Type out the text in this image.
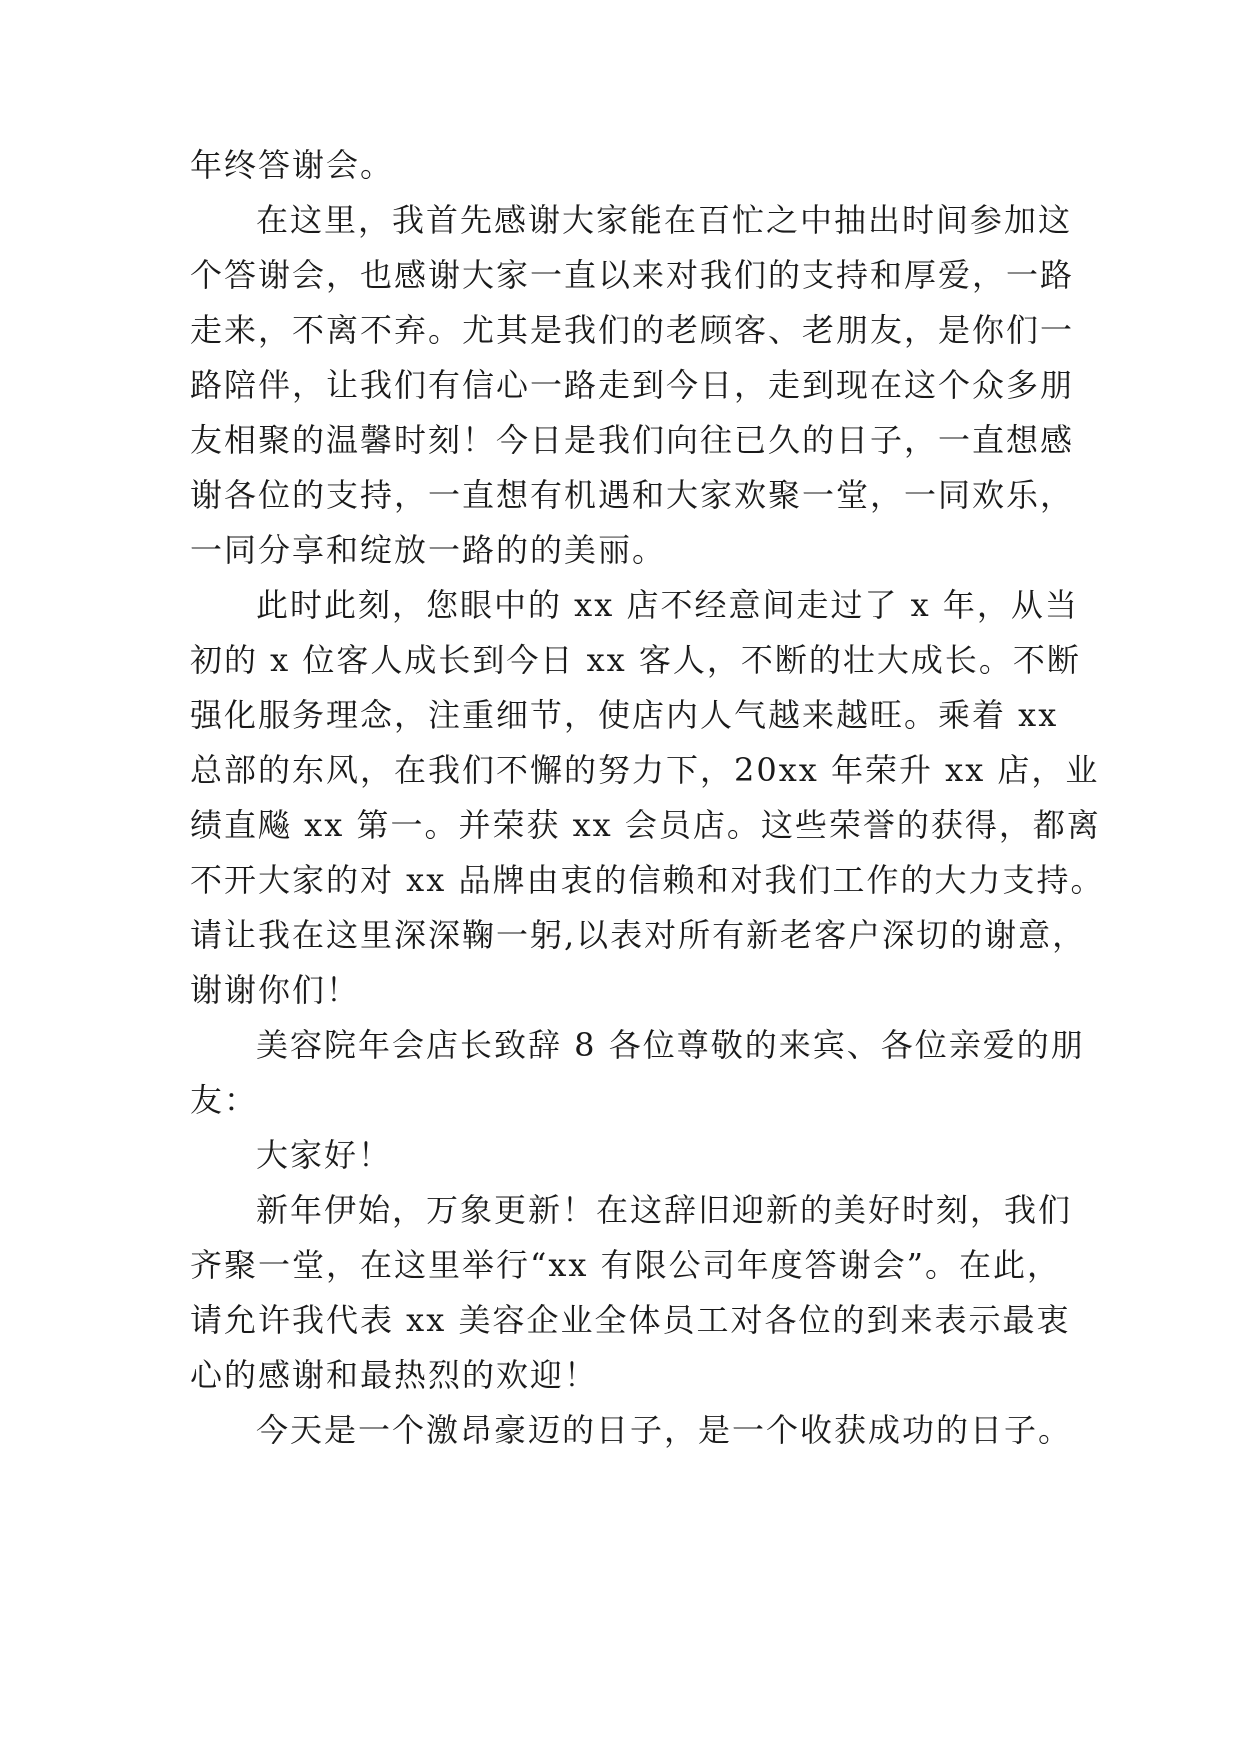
年终答谢会。

在这里，我首先感谢大家能在百忙之中抽出时间参加这

个答谢会，也感谢大家一直以来对我们的支持和厚爱，一路

走来，不离不弃。尤其是我们的老顾客、老朋友，是你们一

路陪伴，让我们有信心一路走到今日，走到现在这个众多朋

友相聚的温馨时刻！今日是我们向往已久的日子，一直想感

谢各位的支持，一直想有机遇和大家欢聚一堂，一同欢乐，

一同分享和绽放一路的的美丽。

此时此刻，您眼中的 xx 店不经意间走过了 x 年，从当

初的 x 位客人成长到今日 xx 客人，不断的壮大成长。不断

强化服务理念，注重细节，使店内人气越来越旺。乘着 xx

总部的东风，在我们不懈的努力下，20xx 年荣升 xx 店，业

绩直飚 xx 第一。并荣获 xx 会员店。这些荣誉的获得，都离

不开大家的对 xx 品牌由衷的信赖和对我们工作的大力支持。

请让我在这里深深鞠一躬,以表对所有新老客户深切的谢意，

谢谢你们！

美容院年会店长致辞 8 各位尊敬的来宾、各位亲爱的朋

友：

大家好！

新年伊始，万象更新！在这辞旧迎新的美好时刻，我们

齐聚一堂，在这里举行“xx 有限公司年度答谢会”。在此，

请允许我代表 xx 美容企业全体员工对各位的到来表示最衷

心的感谢和最热烈的欢迎！

今天是一个激昂豪迈的日子，是一个收获成功的日子。
